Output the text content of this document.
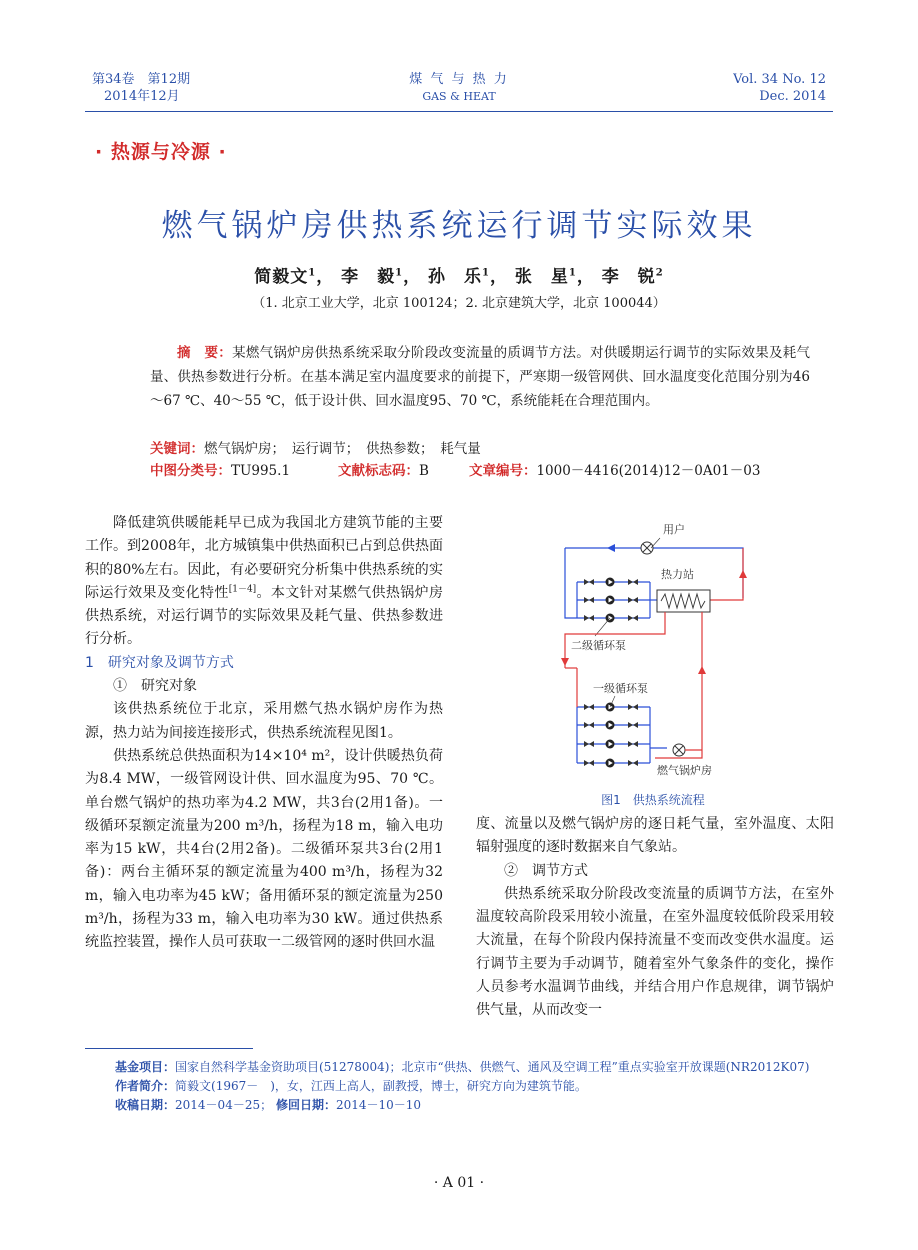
第34卷　第12期
2014年12月
煤 气 与 热 力
GAS & HEAT
Vol. 34 No. 12
Dec. 2014
· 热源与冷源 ·
燃气锅炉房供热系统运行调节实际效果
简毅文$^1$， 李　毅$^1$， 孙　乐$^1$， 张　星$^1$， 李　锐$^2$
（1. 北京工业大学，北京 100124；2. 北京建筑大学，北京 100044）
摘　要：某燃气锅炉房供热系统采取分阶段改变流量的质调节方法。对供暖期运行调节的实际效果及耗气量、供热参数进行分析。在基本满足室内温度要求的前提下，严寒期一级管网供、回水温度变化范围分别为46～67 ℃、40～55 ℃，低于设计供、回水温度95、70 ℃，系统能耗在合理范围内。
关键词：燃气锅炉房；　运行调节；　供热参数；　耗气量
中图分类号：TU995.1	文献标志码：B	文章编号：1000－4416(2014)12－0A01－03

降低建筑供暖能耗早已成为我国北方建筑节能的主要工作。到2008年，北方城镇集中供热面积已占到总供热面积的80%左右。因此，有必要研究分析集中供热系统的实际运行效果及变化特性[1－4]。本文针对某燃气供热锅炉房供热系统，对运行调节的实际效果及耗气量、供热参数进行分析。

1　研究对象及调节方式

①　研究对象

该供热系统位于北京，采用燃气热水锅炉房作为热源，热力站为间接连接形式，供热系统流程见图1。

供热系统总供热面积为14×10⁴ m²，设计供暖热负荷为8.4 MW，一级管网设计供、回水温度为95、70 ℃。单台燃气锅炉的热功率为4.2 MW，共3台(2用1备)。一级循环泵额定流量为200 m³/h，扬程为18 m，输入电功率为15 kW，共4台(2用2备)。二级循环泵共3台(2用1备)：两台主循环泵的额定流量为400 m³/h，扬程为32 m，输入电功率为45 kW；备用循环泵的额定流量为250 m³/h，扬程为33 m，输入电功率为30 kW。通过供热系统监控装置，操作人员可获取一二级管网的逐时供回水温

用户
热力站
二级循环泵
一级循环泵
燃气锅炉房
图1　供热系统流程

度、流量以及燃气锅炉房的逐日耗气量，室外温度、太阳辐射强度的逐时数据来自气象站。

②　调节方式

供热系统采取分阶段改变流量的质调节方法，在室外温度较高阶段采用较小流量，在室外温度较低阶段采用较大流量，在每个阶段内保持流量不变而改变供水温度。运行调节主要为手动调节，随着室外气象条件的变化，操作人员参考水温调节曲线，并结合用户作息规律，调节锅炉供气量，从而改变一

基金项目：国家自然科学基金资助项目(51278004)；北京市“供热、供燃气、通风及空调工程”重点实验室开放课题(NR2012K07)
作者简介：简毅文(1967－　)，女，江西上高人，副教授，博士，研究方向为建筑节能。
收稿日期：2014－04－25； 修回日期：2014－10－10
· A 01 ·
